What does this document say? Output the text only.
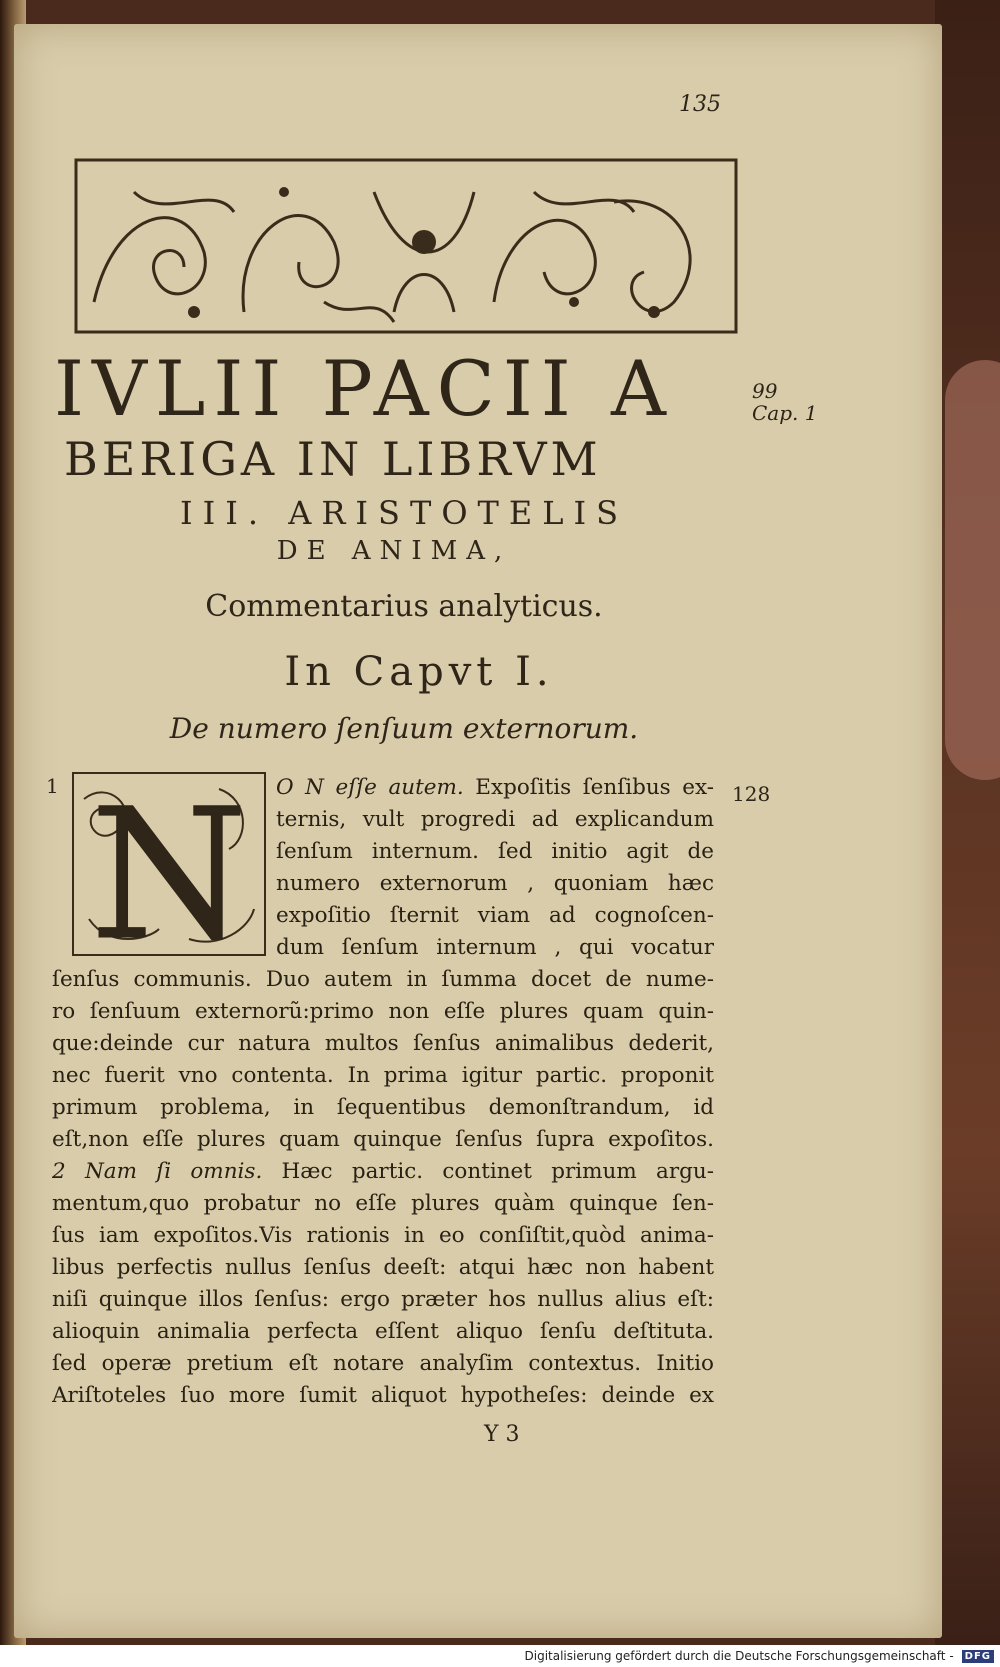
135
IVLII PACII A	99
Cap. 1
BERIGA IN LIBRVM
III. ARISTOTELIS
DE ANIMA,
Commentarius analyticus.
In Capvt I.
De numero ſenſuum externorum.
1 N	128
O N eſſe autem. Expoſitis ſenſibus ex-
ternis, vult progredi ad explicandum
ſenſum internum. ſed initio agit de
numero externorum , quoniam hæc
expoſitio ſternit viam ad cognoſcen-
dum ſenſum internum , qui vocatur
ſenſus communis. Duo autem in ſumma docet de nume-
ro ſenſuum externorũ:primo non eſſe plures quam quin-
que:deinde cur natura multos ſenſus animalibus dederit,
nec fuerit vno contenta. In prima igitur partic. proponit
primum problema, in ſequentibus demonſtrandum, id
eſt,non eſſe plures quam quinque ſenſus ſupra expoſitos.
2 Nam ſi omnis. Hæc partic. continet primum argu-
mentum,quo probatur no eſſe plures quàm quinque ſen-
ſus iam expoſitos.Vis rationis in eo conſiſtit,quòd anima-
libus perfectis nullus ſenſus deeſt: atqui hæc non habent
niſi quinque illos ſenſus: ergo præter hos nullus alius eſt:
alioquin animalia perfecta eſſent aliquo ſenſu deſtituta.
ſed operæ pretium eſt notare analyſim contextus. Initio
Ariſtoteles ſuo more ſumit aliquot hypotheſes: deinde ex
Y 3
Digitalisierung gefördert durch die Deutsche Forschungsgemeinschaft - DFG
